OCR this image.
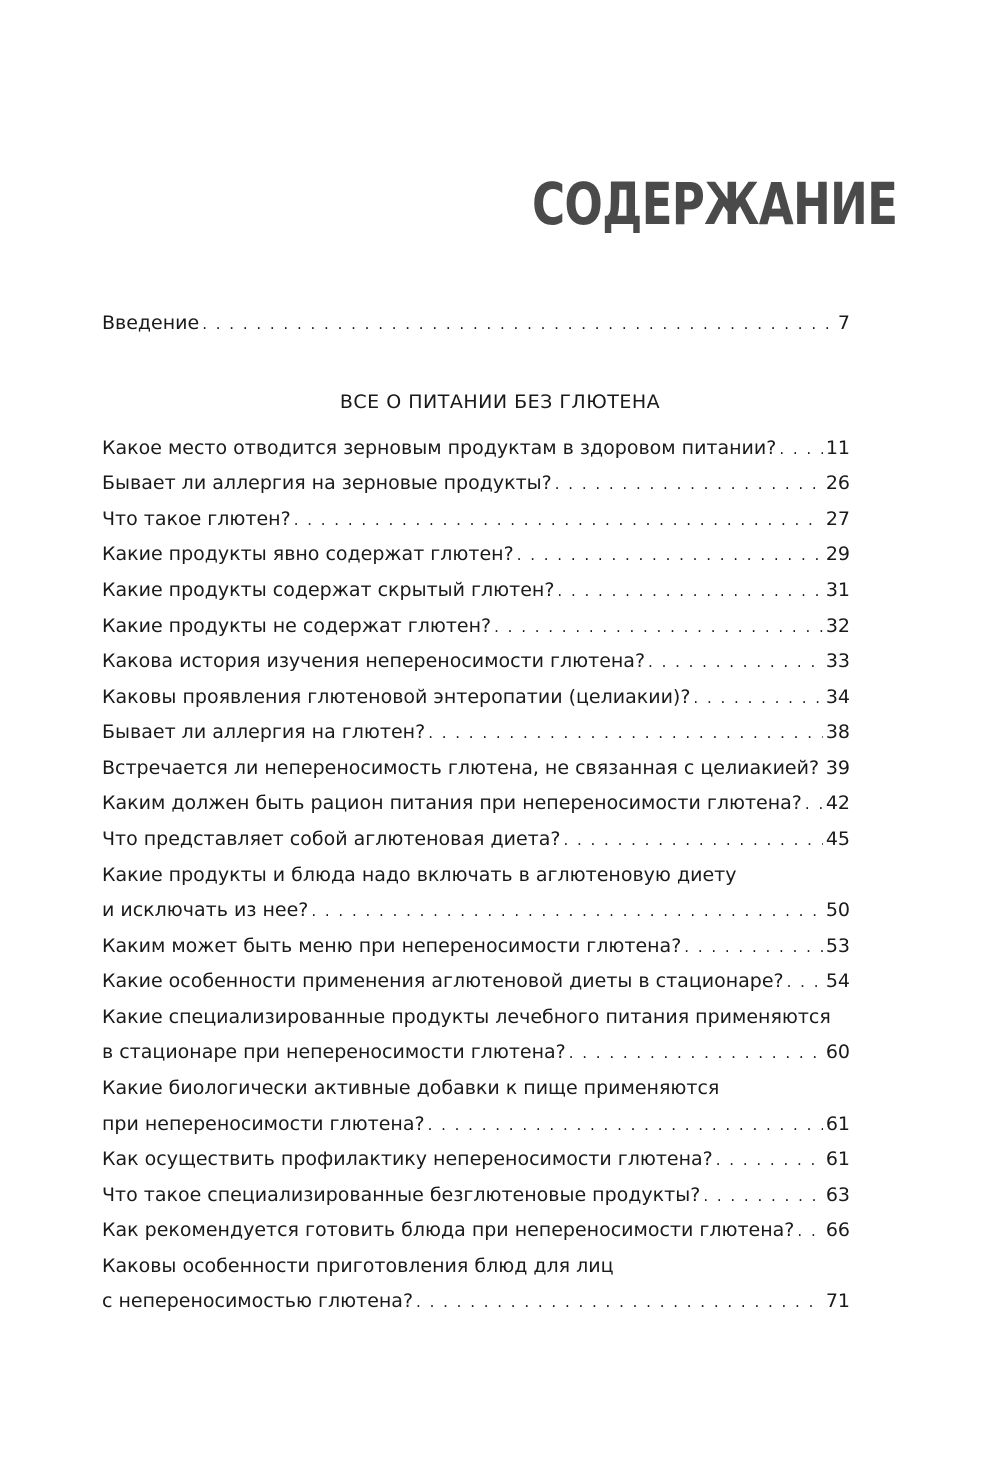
СОДЕРЖАНИЕ
Введение . . .	7
ВСЕ О ПИТАНИИ БЕЗ ГЛЮТЕНА
Какое место отводится зерновым продуктам в здоровом питании? . . .	11
Бывает ли аллергия на зерновые продукты? . . .	26
Что такое глютен? . . .	27
Какие продукты явно содержат глютен? . . .	29
Какие продукты содержат скрытый глютен? . . .	31
Какие продукты не содержат глютен? . . .	32
Какова история изучения непереносимости глютена? . . .	33
Каковы проявления глютеновой энтеропатии (целиакии)? . . .	34
Бывает ли аллергия на глютен? . . .	38
Встречается ли непереносимость глютена, не связанная с целиакией? . . . 39
Каким должен быть рацион питания при непереносимости глютена? . . . 42
Что представляет собой аглютеновая диета? . . .	45
Какие продукты и блюда надо включать в аглютеновую диету
и исключать из нее? . . .	50
Каким может быть меню при непереносимости глютена? . . .	53
Какие особенности применения аглютеновой диеты в стационаре? . . . 54
Какие специализированные продукты лечебного питания применяются
в стационаре при непереносимости глютена? . . .	60
Какие биологически активные добавки к пище применяются
при непереносимости глютена? . . .	61
Как осуществить профилактику непереносимости глютена? . . .	61
Что такое специализированные безглютеновые продукты? . . .	63
Как рекомендуется готовить блюда при непереносимости глютена? . . . 66
Каковы особенности приготовления блюд для лиц
с непереносимостью глютена? . . .	71
